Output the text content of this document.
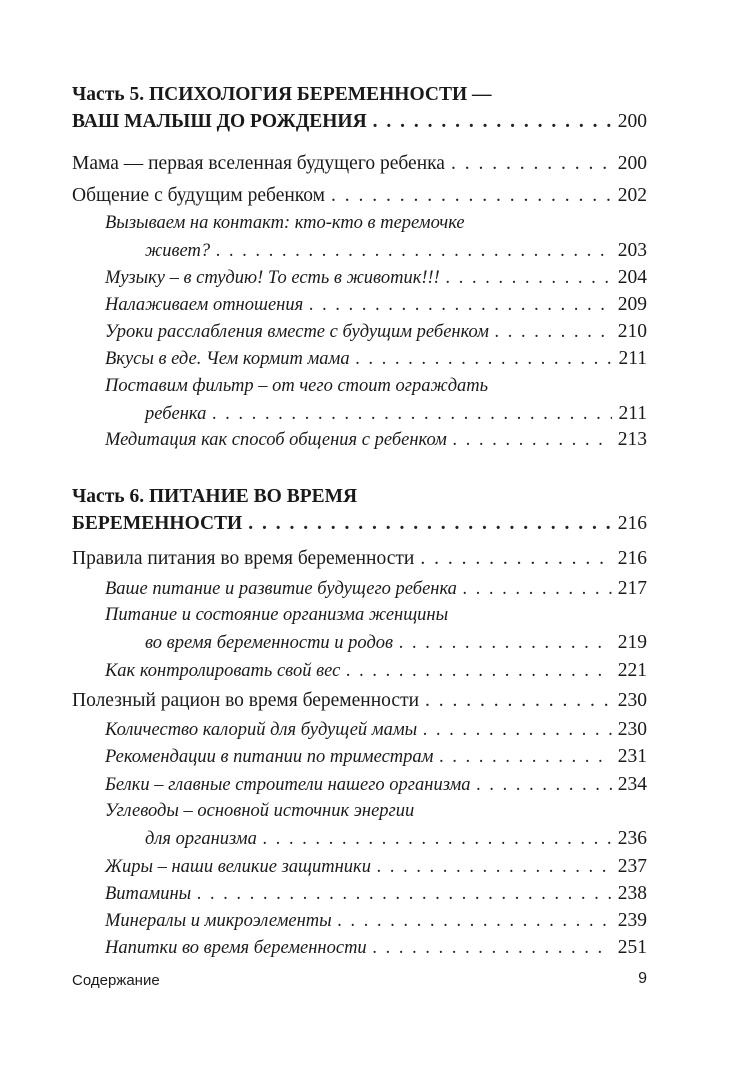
Часть 5. ПСИХОЛОГИЯ БЕРЕМЕННОСТИ —
ВАШ МАЛЫШ ДО РОЖДЕНИЯ . . .	200
Мама — первая вселенная будущего ребенка . . .	200
Общение с будущим ребенком . . .	202
Вызываем на контакт: кто-кто в теремочке
живет? . . .	203
Музыку – в студию! То есть в животик!!! . . .	204
Налаживаем отношения . . .	209
Уроки расслабления вместе с будущим ребенком . . .	210
Вкусы в еде. Чем кормит мама . . .	211
Поставим фильтр – от чего стоит ограждать
ребенка . . .	211
Медитация как способ общения с ребенком . . .	213
Часть 6. ПИТАНИЕ ВО ВРЕМЯ
БЕРЕМЕННОСТИ . . .	216
Правила питания во время беременности . . .	216
Ваше питание и развитие будущего ребенка . . .	217
Питание и состояние организма женщины
во время беременности и родов . . .	219
Как контролировать свой вес . . .	221
Полезный рацион во время беременности . . .	230
Количество калорий для будущей мамы . . .	230
Рекомендации в питании по триместрам . . .	231
Белки – главные строители нашего организма . . .	234
Углеводы – основной источник энергии
для организма . . .	236
Жиры – наши великие защитники . . .	237
Витамины . . .	238
Минералы и микроэлементы . . .	239
Напитки во время беременности . . .	251
Содержание	9
